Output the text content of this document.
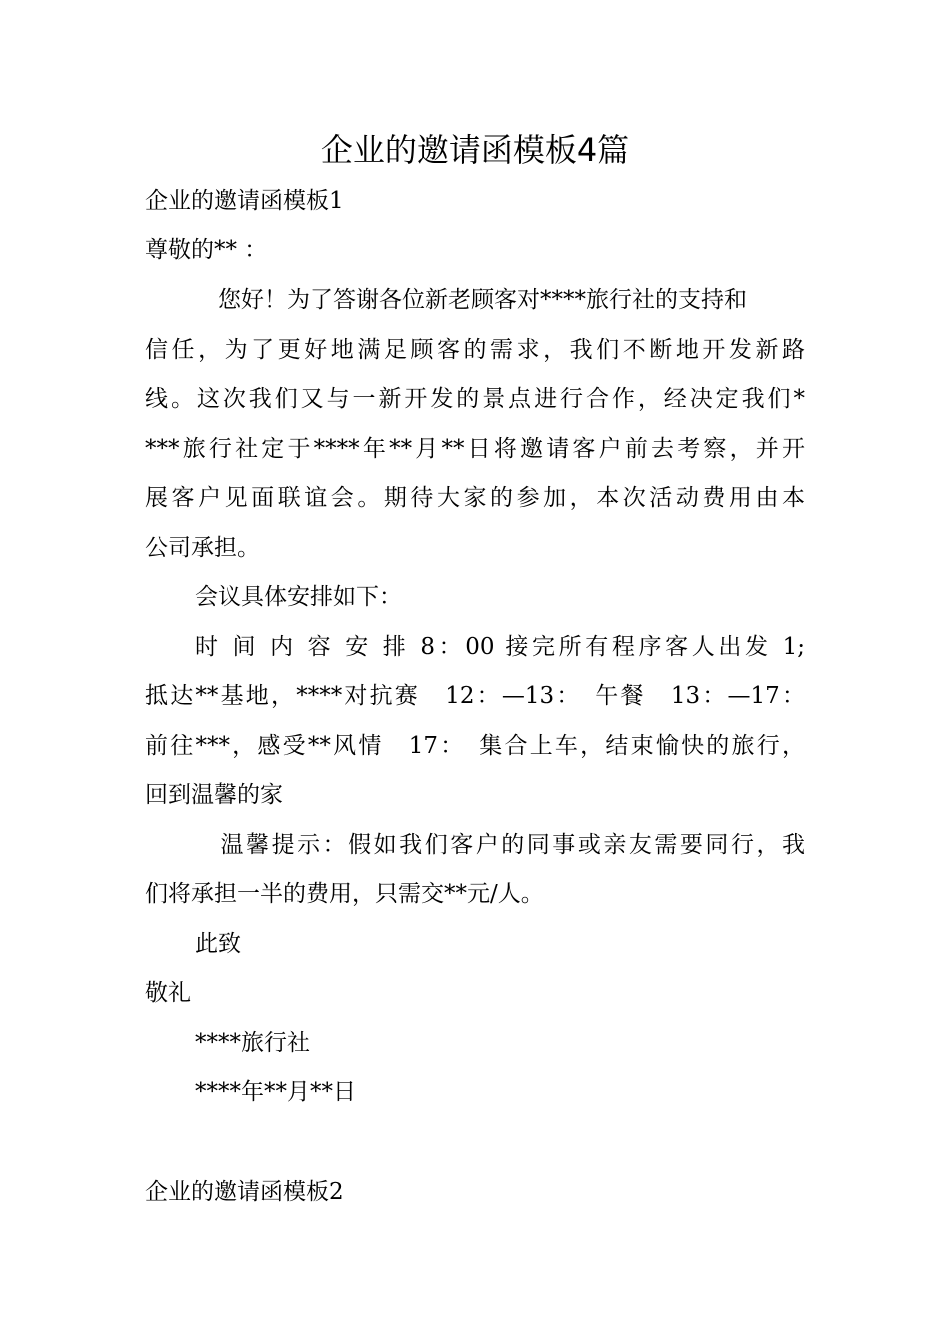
企业的邀请函模板4篇

企业的邀请函模板1

尊敬的** ：

　您好！为了答谢各位新老顾客对****旅行社的支持和

信任，为了更好地满足顾客的需求，我们不断地开发新路

线。这次我们又与一新开发的景点进行合作，经决定我们*

***旅行社定于****年**月**日将邀请客户前去考察，并开

展客户见面联谊会。期待大家的参加，本次活动费用由本

公司承担。

会议具体安排如下：

时 间 内 容 安 排 8：00 接完所有程序客人出发 1;

抵达**基地，****对抗赛　12：—13：　午餐　13：—17：

前往***，感受**风情　17：　集合上车，结束愉快的旅行，

回到温馨的家

　温馨提示：假如我们客户的同事或亲友需要同行，我

们将承担一半的费用，只需交**元/人。

此致

敬礼

****旅行社

****年**月**日

企业的邀请函模板2
